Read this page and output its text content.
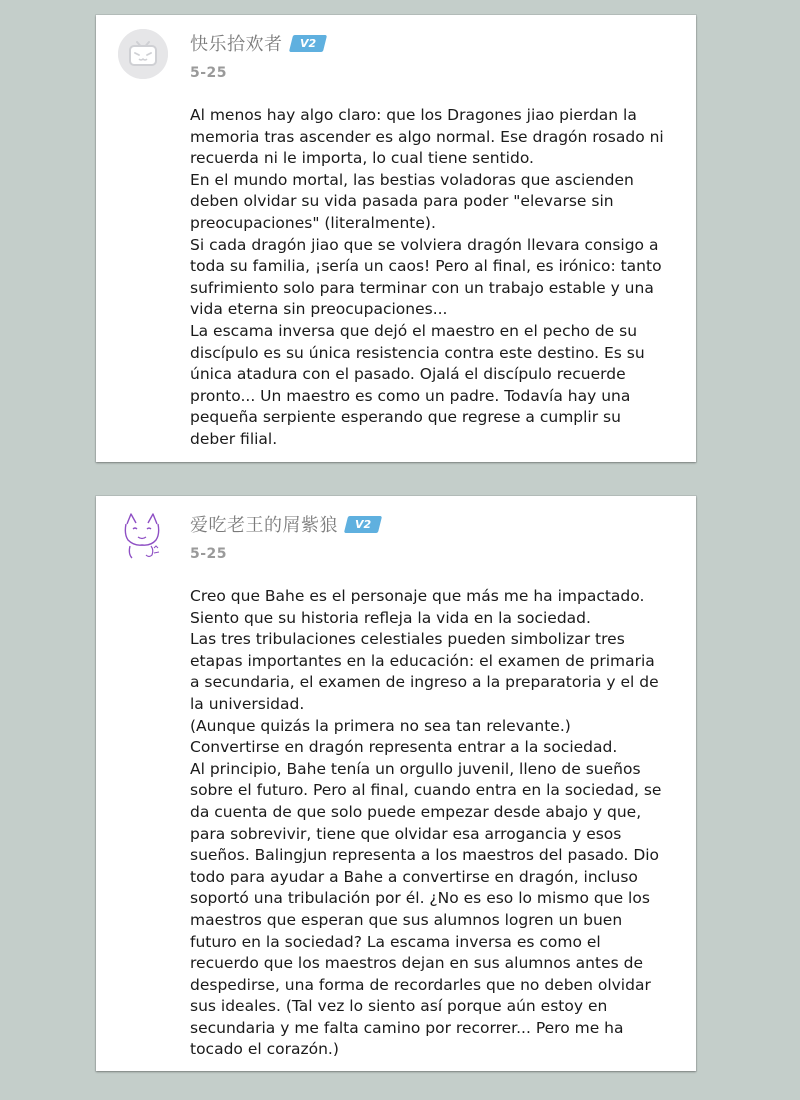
快乐拾欢者 V2
5-25

Al menos hay algo claro: que los Dragones jiao pierdan la memoria tras ascender es algo normal. Ese dragón rosado ni recuerda ni le importa, lo cual tiene sentido.

En el mundo mortal, las bestias voladoras que ascienden deben olvidar su vida pasada para poder "elevarse sin preocupaciones" (literalmente).

Si cada dragón jiao que se volviera dragón llevara consigo a toda su familia, ¡sería un caos! Pero al final, es irónico: tanto sufrimiento solo para terminar con un trabajo estable y una vida eterna sin preocupaciones...

La escama inversa que dejó el maestro en el pecho de su discípulo es su única resistencia contra este destino. Es su única atadura con el pasado. Ojalá el discípulo recuerde pronto... Un maestro es como un padre. Todavía hay una pequeña serpiente esperando que regrese a cumplir su deber filial.

爱吃老王的屑紫狼 V2
5-25

Creo que Bahe es el personaje que más me ha impactado.

Siento que su historia refleja la vida en la sociedad.

Las tres tribulaciones celestiales pueden simbolizar tres etapas importantes en la educación: el examen de primaria a secundaria, el examen de ingreso a la preparatoria y el de la universidad.

(Aunque quizás la primera no sea tan relevante.)

Convertirse en dragón representa entrar a la sociedad.

Al principio, Bahe tenía un orgullo juvenil, lleno de sueños sobre el futuro. Pero al final, cuando entra en la sociedad, se da cuenta de que solo puede empezar desde abajo y que, para sobrevivir, tiene que olvidar esa arrogancia y esos sueños. Balingjun representa a los maestros del pasado. Dio todo para ayudar a Bahe a convertirse en dragón, incluso soportó una tribulación por él. ¿No es eso lo mismo que los maestros que esperan que sus alumnos logren un buen futuro en la sociedad? La escama inversa es como el recuerdo que los maestros dejan en sus alumnos antes de despedirse, una forma de recordarles que no deben olvidar sus ideales. (Tal vez lo siento así porque aún estoy en secundaria y me falta camino por recorrer... Pero me ha tocado el corazón.)
